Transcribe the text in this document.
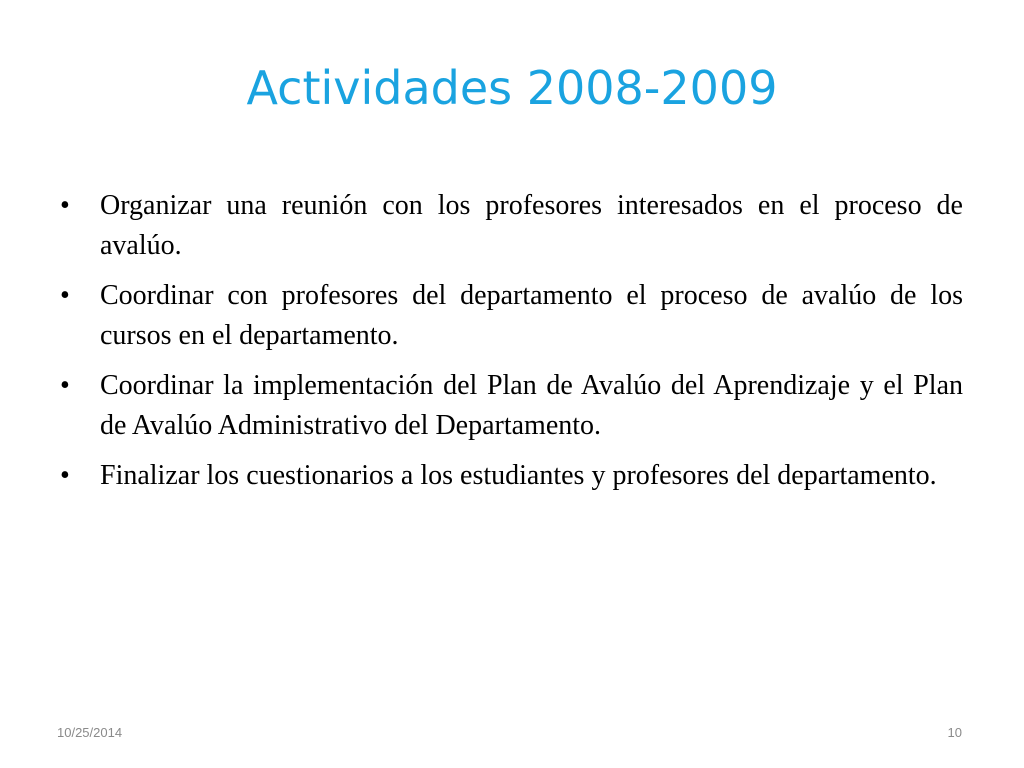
Actividades 2008-2009
•	Organizar una reunión con los profesores interesados en el proceso de avalúo.
•	Coordinar con profesores del departamento el proceso de avalúo de los cursos en el departamento.
•	Coordinar la implementación del Plan de Avalúo del Aprendizaje y el Plan de Avalúo Administrativo del Departamento.
•	Finalizar los cuestionarios a los estudiantes y profesores del departamento.
10/25/2014	10
